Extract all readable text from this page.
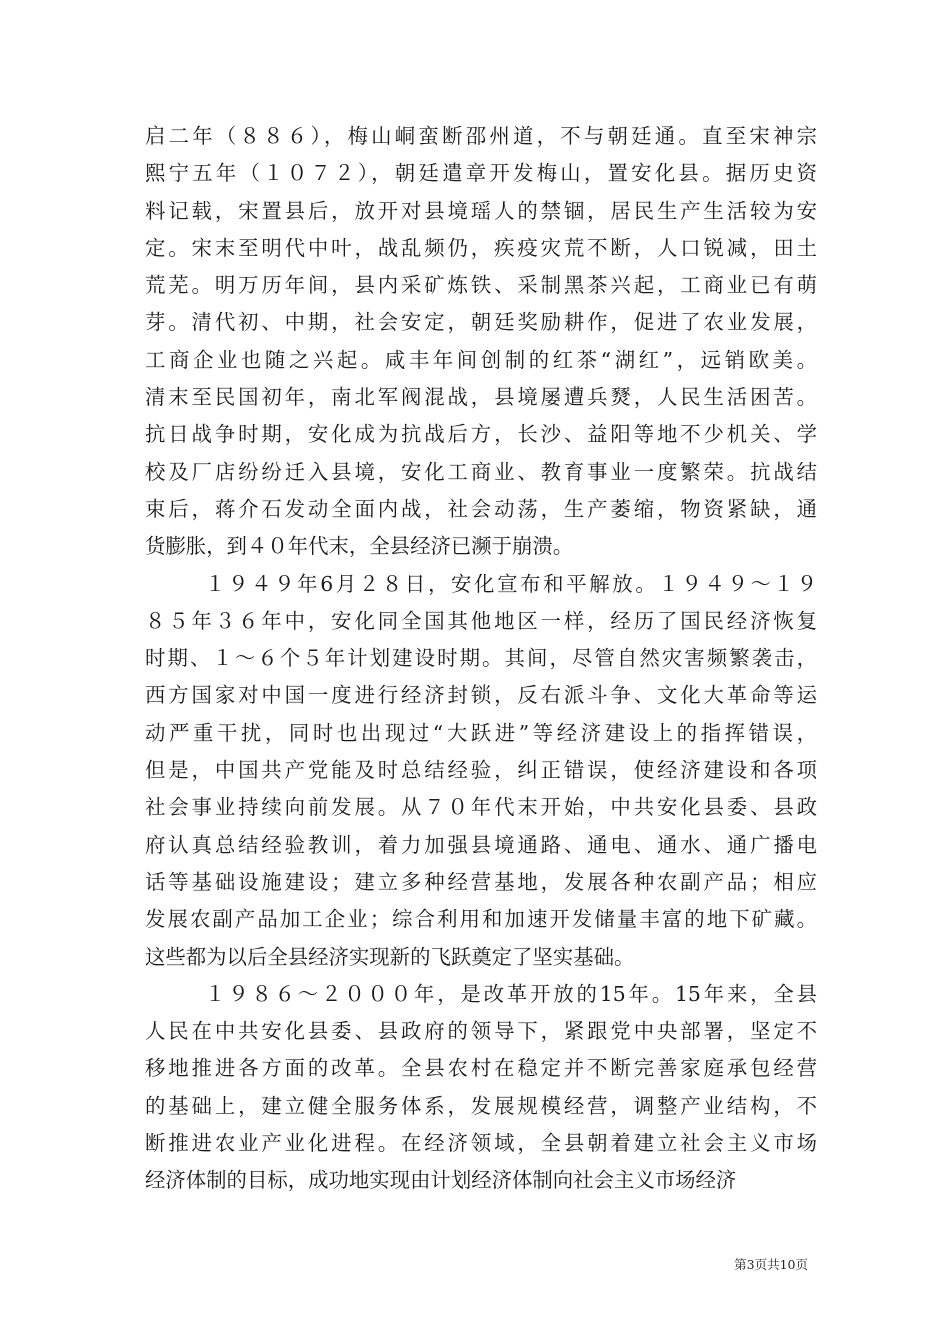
启二年（８８６），梅山峒蛮断邵州道，不与朝廷通。直至宋神宗
熙宁五年（１０７２），朝廷遣章开发梅山，置安化县。据历史资
料记载，宋置县后，放开对县境瑶人的禁锢，居民生产生活较为安
定。宋末至明代中叶，战乱频仍，疾疫灾荒不断，人口锐减，田土
荒芜。明万历年间，县内采矿炼铁、采制黑茶兴起，工商业已有萌
芽。清代初、中期，社会安定，朝廷奖励耕作，促进了农业发展，
工商企业也随之兴起。咸丰年间创制的红茶“湖红”，远销欧美。
清末至民国初年，南北军阀混战，县境屡遭兵燹，人民生活困苦。
抗日战争时期，安化成为抗战后方，长沙、益阳等地不少机关、学
校及厂店纷纷迁入县境，安化工商业、教育事业一度繁荣。抗战结
束后，蒋介石发动全面内战，社会动荡，生产萎缩，物资紧缺，通
货膨胀，到４０年代末，全县经济已濒于崩溃。
１９４９年6月２８日，安化宣布和平解放。１９４９～１９
８５年３６年中，安化同全国其他地区一样，经历了国民经济恢复
时期、１～６个５年计划建设时期。其间，尽管自然灾害频繁袭击，
西方国家对中国一度进行经济封锁，反右派斗争、文化大革命等运
动严重干扰，同时也出现过“大跃进”等经济建设上的指挥错误，
但是，中国共产党能及时总结经验，纠正错误，使经济建设和各项
社会事业持续向前发展。从７０年代末开始，中共安化县委、县政
府认真总结经验教训，着力加强县境通路、通电、通水、通广播电
话等基础设施建设；建立多种经营基地，发展各种农副产品；相应
发展农副产品加工企业；综合利用和加速开发储量丰富的地下矿藏。
这些都为以后全县经济实现新的飞跃奠定了坚实基础。
１９８６～２０００年，是改革开放的15年。15年来，全县
人民在中共安化县委、县政府的领导下，紧跟党中央部署，坚定不
移地推进各方面的改革。全县农村在稳定并不断完善家庭承包经营
的基础上，建立健全服务体系，发展规模经营，调整产业结构，不
断推进农业产业化进程。在经济领域，全县朝着建立社会主义市场
经济体制的目标，成功地实现由计划经济体制向社会主义市场经济
第3页共10页
